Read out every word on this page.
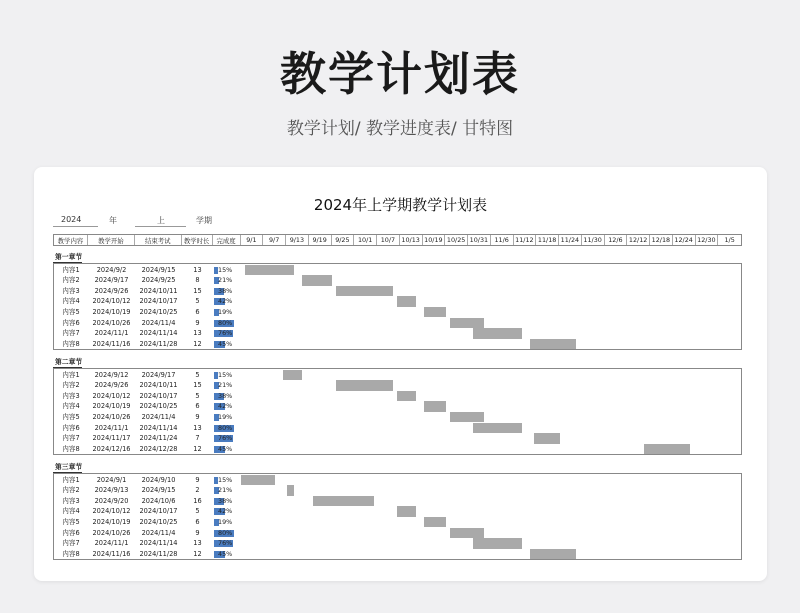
教学计划表
教学计划/ 教学进度表/ 甘特图
2024年上学期教学计划表
2024	年	上	学期
教学内容	教学开始	结束考试	教学时长	完成度	9/1	9/7	9/13	9/19	9/25	10/1	10/7 10/13 10/19 10/25 10/31 11/6 11/12 11/18 11/24 11/30 12/6 12/12 12/18 12/24 12/30	1/5
第一章节
内容1	2024/9/2	2024/9/15	13	15%
内容2	2024/9/17	2024/9/25	8	21%
内容3	2024/9/26	2024/10/11	15	38%
内容4	2024/10/12	2024/10/17	5	42%
内容5	2024/10/19	2024/10/25	6	19%
内容6	2024/10/26	2024/11/4	9	80%
内容7	2024/11/1	2024/11/14	13	76%
内容8	2024/11/16	2024/11/28	12	45%
第二章节
内容1	2024/9/12	2024/9/17	5	15%
内容2	2024/9/26	2024/10/11	15	21%
内容3	2024/10/12	2024/10/17	5	38%
内容4	2024/10/19	2024/10/25	6	42%
内容5	2024/10/26	2024/11/4	9	19%
内容6	2024/11/1	2024/11/14	13	80%
内容7	2024/11/17	2024/11/24	7	76%
内容8	2024/12/16	2024/12/28	12	45%
第三章节
内容1	2024/9/1	2024/9/10	9	15%
内容2	2024/9/13	2024/9/15	2	21%
内容3	2024/9/20	2024/10/6	16	38%
内容4	2024/10/12	2024/10/17	5	42%
内容5	2024/10/19	2024/10/25	6	19%
内容6	2024/10/26	2024/11/4	9	80%
内容7	2024/11/1	2024/11/14	13	76%
内容8	2024/11/16	2024/11/28	12	45%
